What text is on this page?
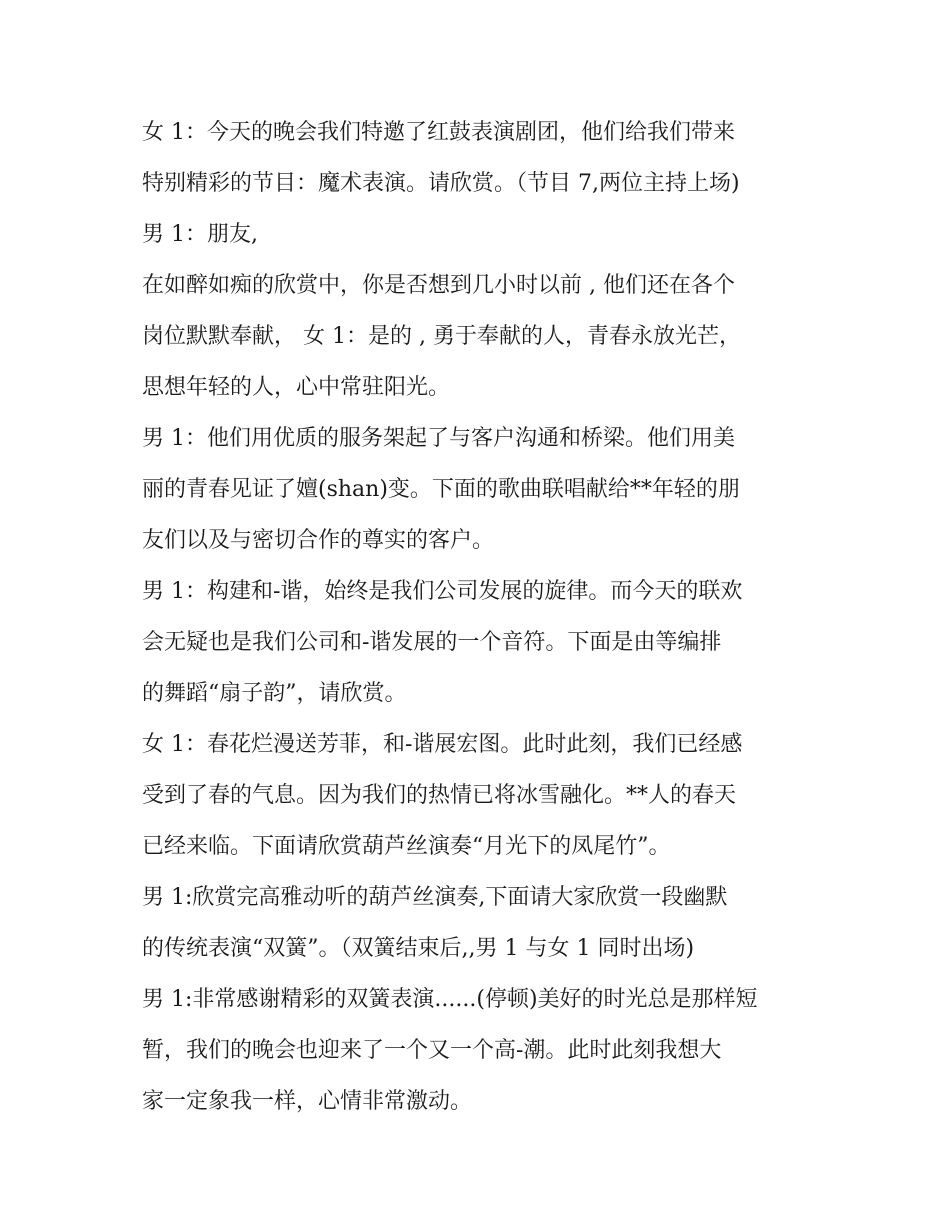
女 1：今天的晚会我们特邀了红鼓表演剧团，他们给我们带来
特别精彩的节目：魔术表演。请欣赏。（节目 7,两位主持上场)
男 1：朋友,
在如醉如痴的欣赏中，你是否想到几小时以前 , 他们还在各个
岗位默默奉献， 女 1：是的 , 勇于奉献的人，青春永放光芒，
思想年轻的人，心中常驻阳光。
男 1：他们用优质的服务架起了与客户沟通和桥梁。他们用美
丽的青春见证了嬗(shan)变。下面的歌曲联唱献给**年轻的朋
友们以及与密切合作的尊实的客户。
男 1：构建和-谐，始终是我们公司发展的旋律。而今天的联欢
会无疑也是我们公司和-谐发展的一个音符。下面是由等编排
的舞蹈“扇子韵”，请欣赏。
女 1：春花烂漫送芳菲，和-谐展宏图。此时此刻，我们已经感
受到了春的气息。因为我们的热情已将冰雪融化。**人的春天
已经来临。下面请欣赏葫芦丝演奏“月光下的凤尾竹”。
男 1:欣赏完高雅动听的葫芦丝演奏,下面请大家欣赏一段幽默
的传统表演“双簧”。（双簧结束后,,男 1 与女 1 同时出场)
男 1:非常感谢精彩的双簧表演......(停顿)美好的时光总是那样短
暂，我们的晚会也迎来了一个又一个高-潮。此时此刻我想大
家一定象我一样，心情非常激动。
